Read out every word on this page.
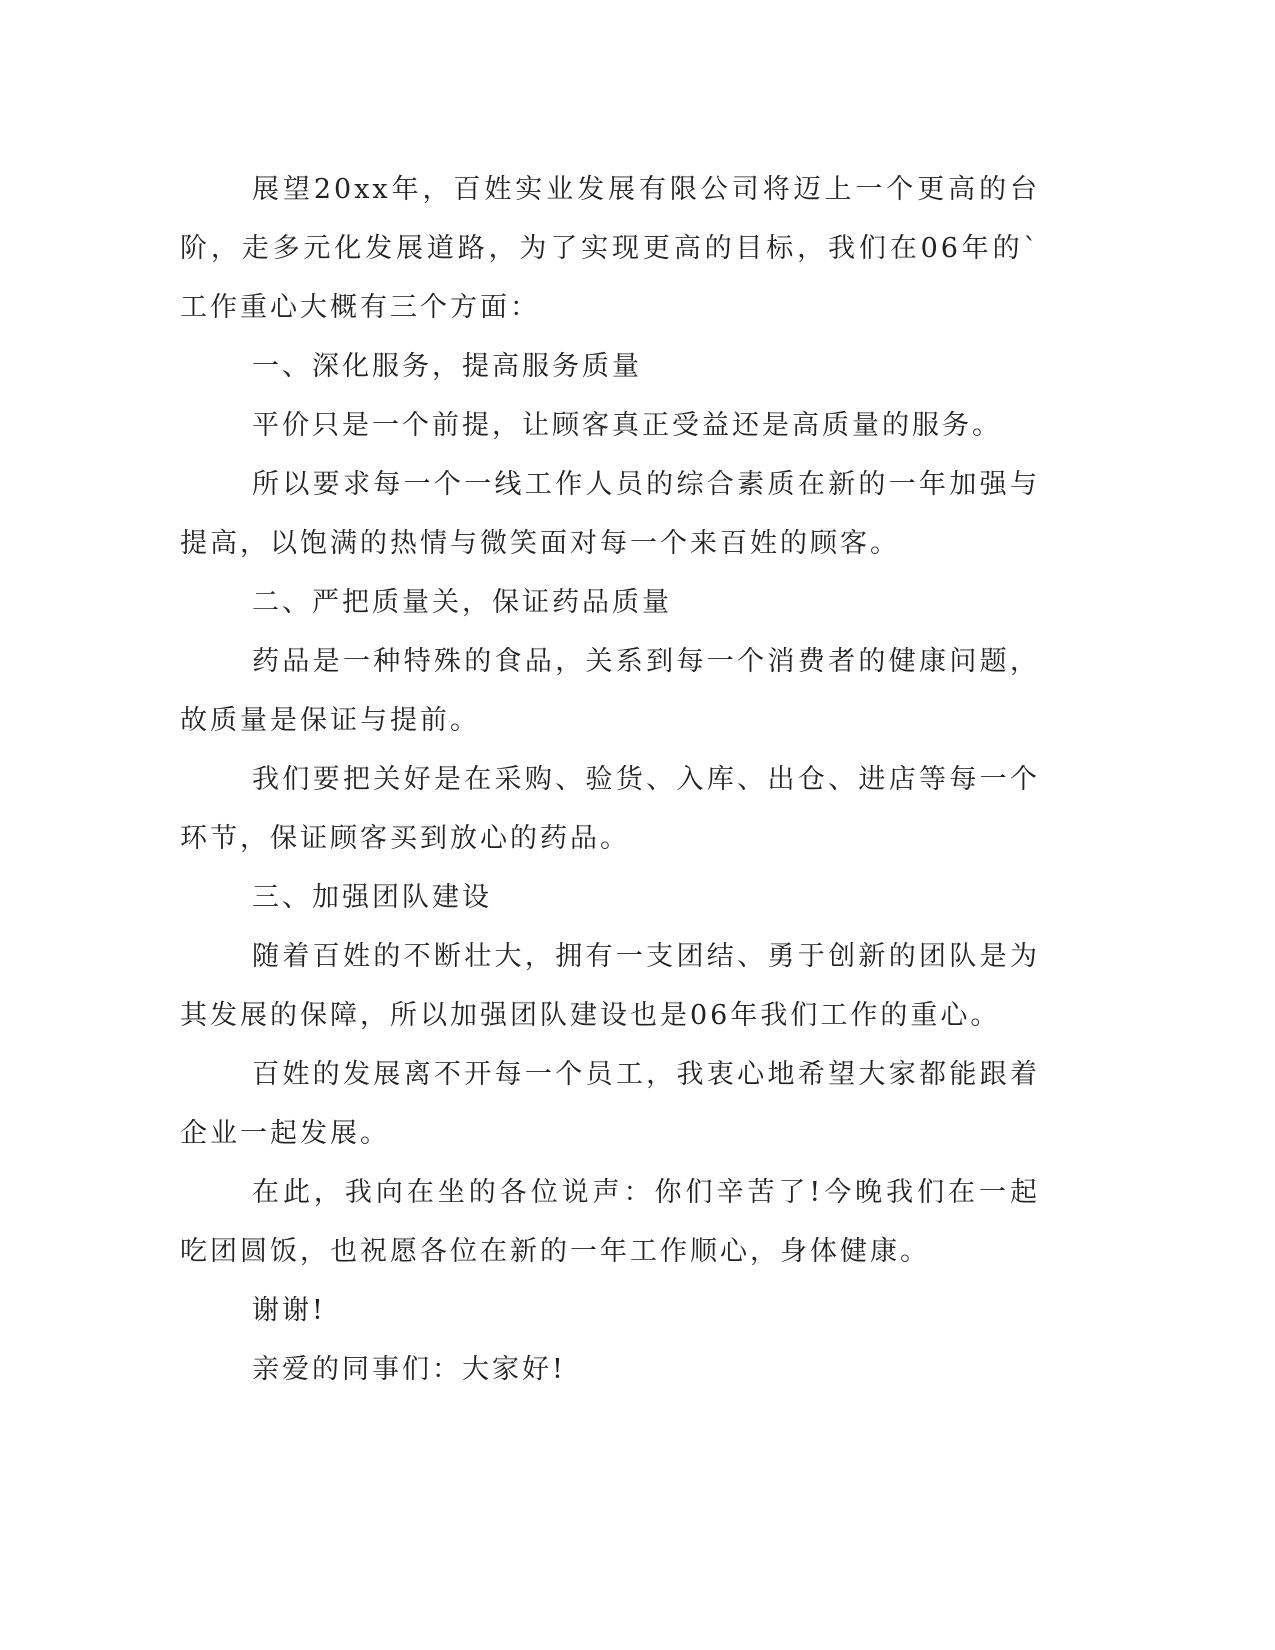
展望20xx年，百姓实业发展有限公司将迈上一个更高的台阶，走多元化发展道路，为了实现更高的目标，我们在06年的`工作重心大概有三个方面：

一、深化服务，提高服务质量

平价只是一个前提，让顾客真正受益还是高质量的服务。

所以要求每一个一线工作人员的综合素质在新的一年加强与提高，以饱满的热情与微笑面对每一个来百姓的顾客。

二、严把质量关，保证药品质量

药品是一种特殊的食品，关系到每一个消费者的健康问题，故质量是保证与提前。

我们要把关好是在采购、验货、入库、出仓、进店等每一个环节，保证顾客买到放心的药品。

三、加强团队建设

随着百姓的不断壮大，拥有一支团结、勇于创新的团队是为其发展的保障，所以加强团队建设也是06年我们工作的重心。

百姓的发展离不开每一个员工，我衷心地希望大家都能跟着企业一起发展。

在此，我向在坐的各位说声：你们辛苦了!今晚我们在一起吃团圆饭，也祝愿各位在新的一年工作顺心，身体健康。

谢谢!

亲爱的同事们：大家好!
